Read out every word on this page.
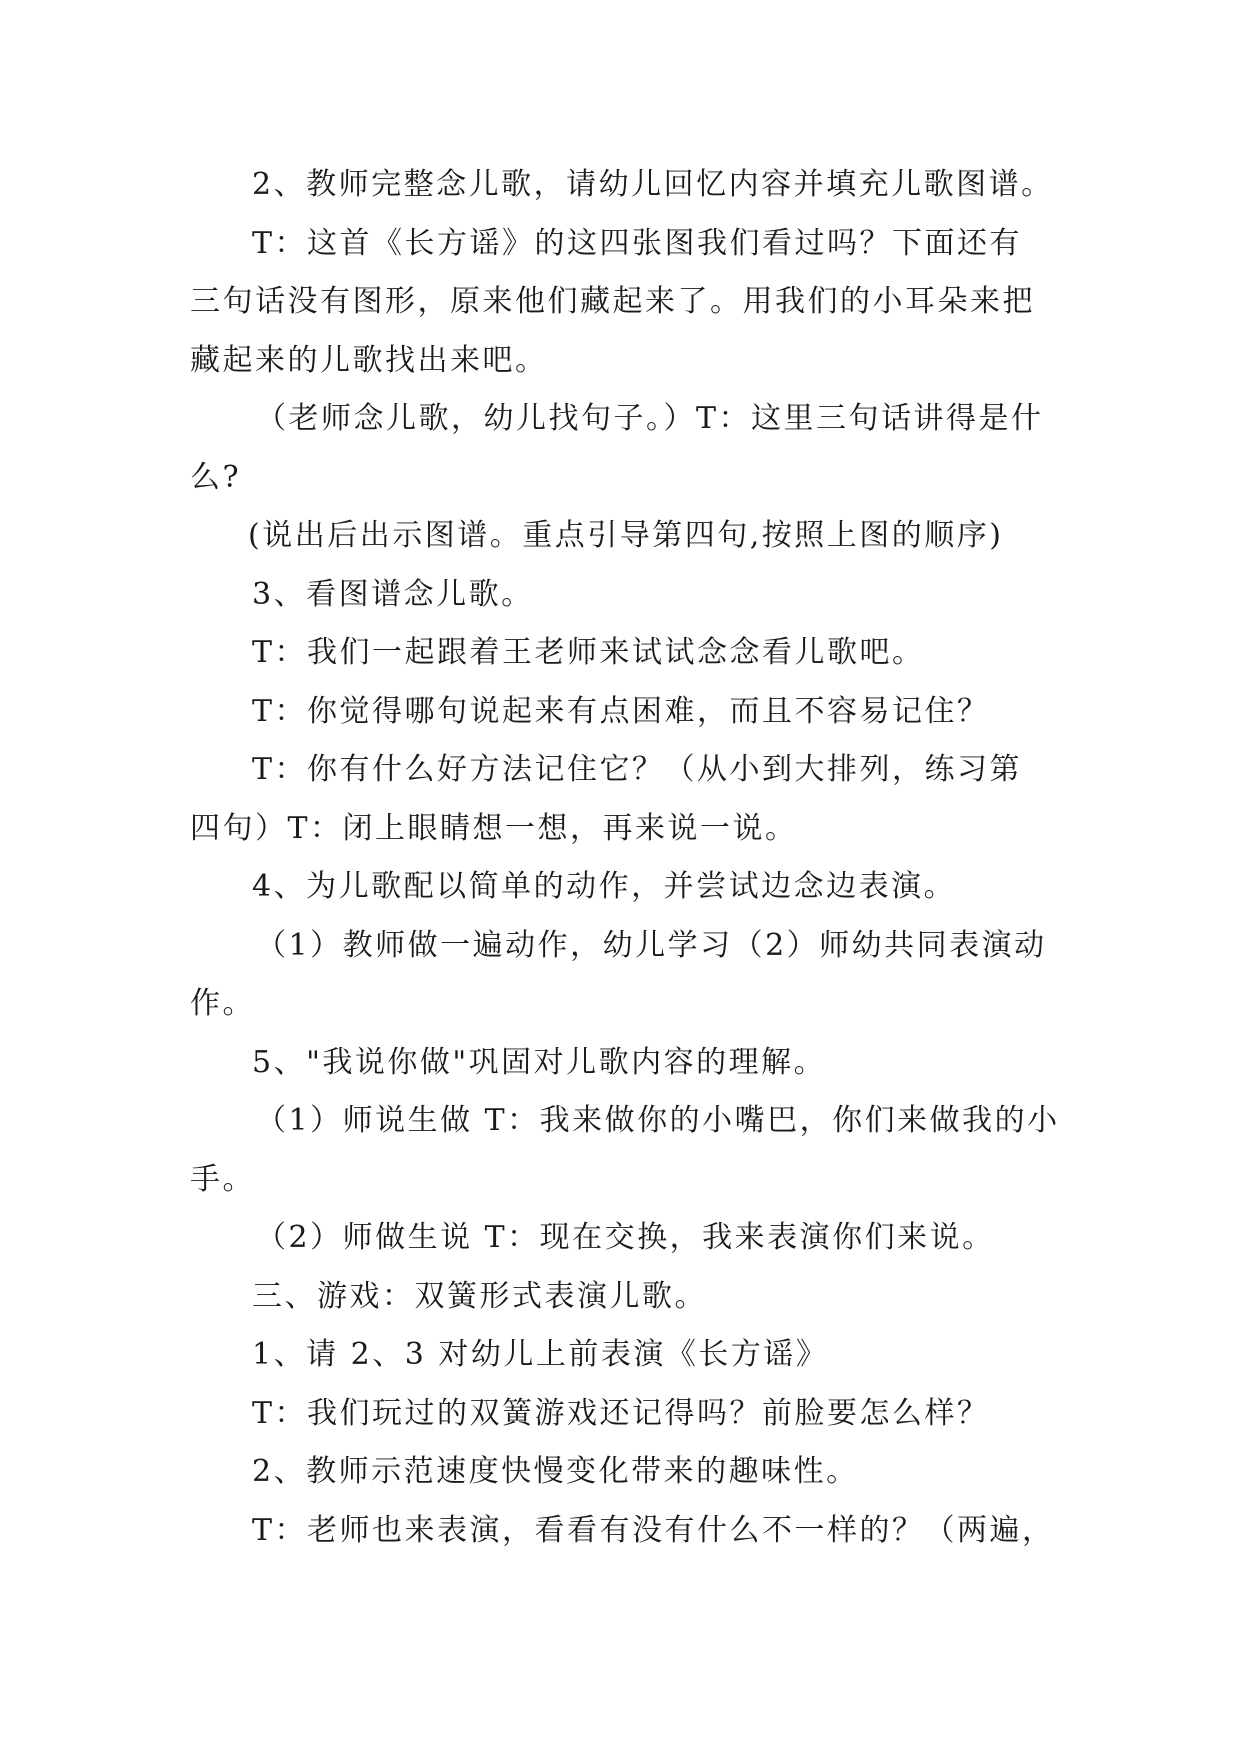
2、教师完整念儿歌，请幼儿回忆内容并填充儿歌图谱。
T：这首《长方谣》的这四张图我们看过吗？下面还有
三句话没有图形，原来他们藏起来了。用我们的小耳朵来把
藏起来的儿歌找出来吧。
（老师念儿歌，幼儿找句子。）T：这里三句话讲得是什
么?
(说出后出示图谱。重点引导第四句,按照上图的顺序)
3、看图谱念儿歌。
T：我们一起跟着王老师来试试念念看儿歌吧。
T：你觉得哪句说起来有点困难，而且不容易记住？
T：你有什么好方法记住它？（从小到大排列，练习第
四句）T：闭上眼睛想一想，再来说一说。
4、为儿歌配以简单的动作，并尝试边念边表演。
（1）教师做一遍动作，幼儿学习（2）师幼共同表演动
作。
5、"我说你做"巩固对儿歌内容的理解。
（1）师说生做 T：我来做你的小嘴巴，你们来做我的小
手。
（2）师做生说 T：现在交换，我来表演你们来说。
三、游戏：双簧形式表演儿歌。
1、请 2、3 对幼儿上前表演《长方谣》
T：我们玩过的双簧游戏还记得吗？前脸要怎么样？
2、教师示范速度快慢变化带来的趣味性。
T：老师也来表演，看看有没有什么不一样的？（两遍，
